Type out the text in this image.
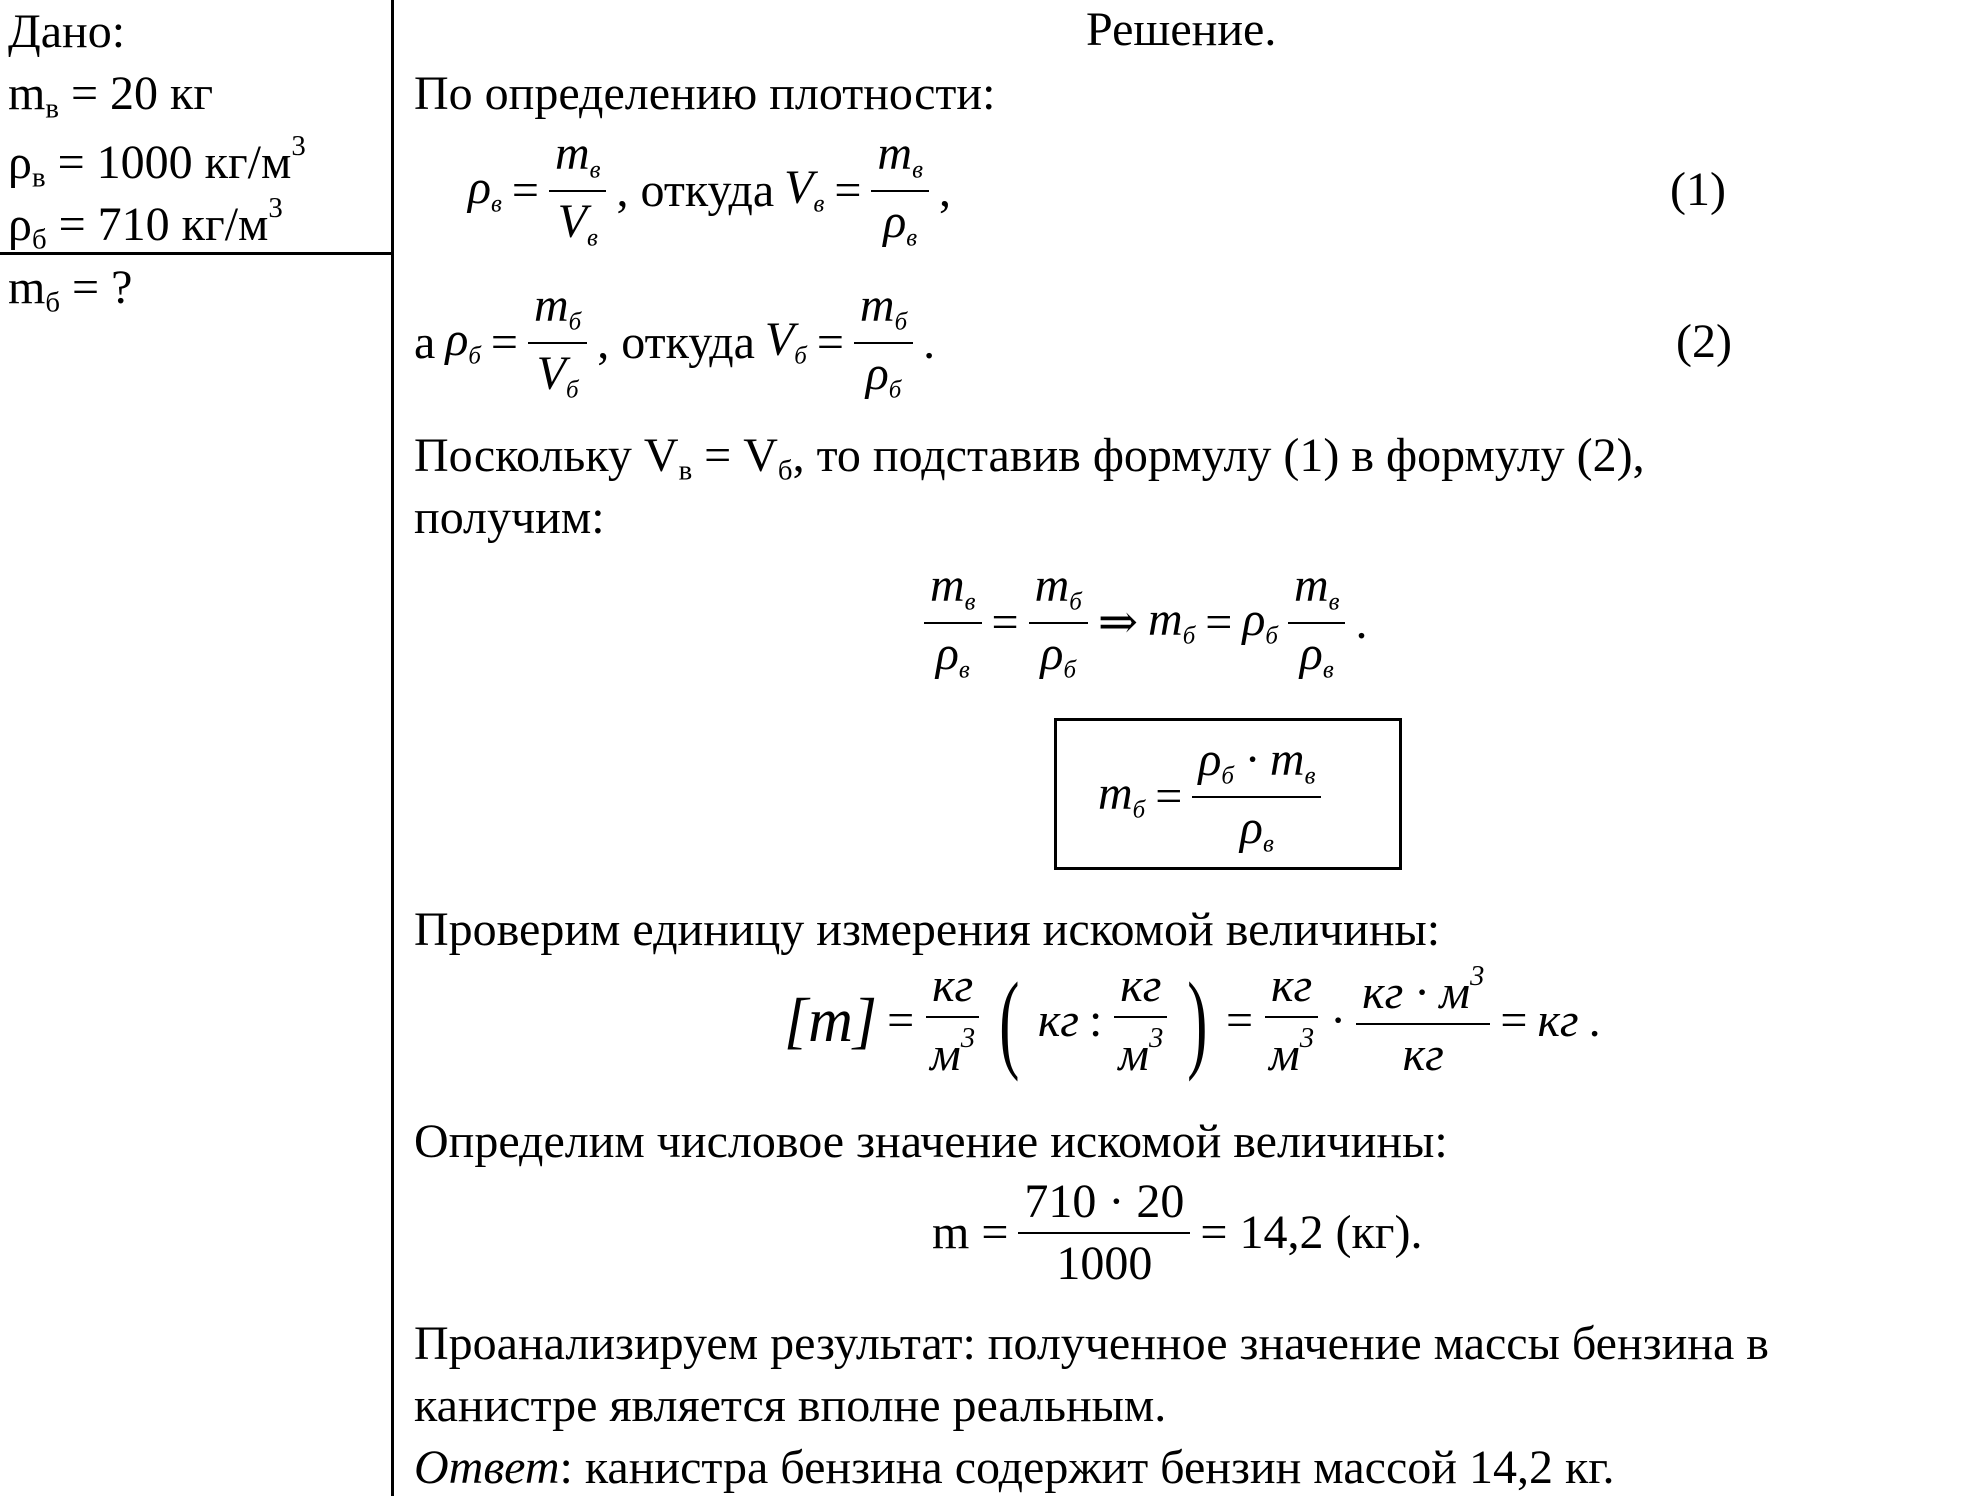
Дано:
$m_в = 20$ кг
$\rho_в = 1000$ $кг/м^3$
$\rho_б = 710$ $кг/м^3$
$m_б$ = ?
Решение.
По определению плотности:
$\rho_в$ =
$m_в$
$V_в$
, откуда $V_в$ =
$m_в$
$\rho_в$
,	(1)
а $\rho_б$ =
$m_б$
$V_б$
, откуда $V_б$ =
$m_б$
$\rho_б$
.	(2)
Поскольку $V_в = V_б$, то подставив формулу (1) в формулу (2),
получим:
$m_в$
$\rho_в$
=
$m_б$
$\rho_б$
⇒ $m_б = \rho_б$
$m_в$
$\rho_в$
.
$m_б$ =
$\rho_б \cdot m_в$
$\rho_в$
Проверим единицу измерения искомой величины:
[m] =
кг
$м^3$ ( кг :
кг
$м^3$ ) =
кг
$м^3$ ·
кг · $м^3$
кг
= кг .
Определим числовое значение искомой величины:
$m = \frac{710 \cdot 20}{1000} = 14,2$ (кг).
Проанализируем результат: полученное значение массы бензина в
канистре является вполне реальным.
Ответ: канистра бензина содержит бензин массой 14,2 кг.
